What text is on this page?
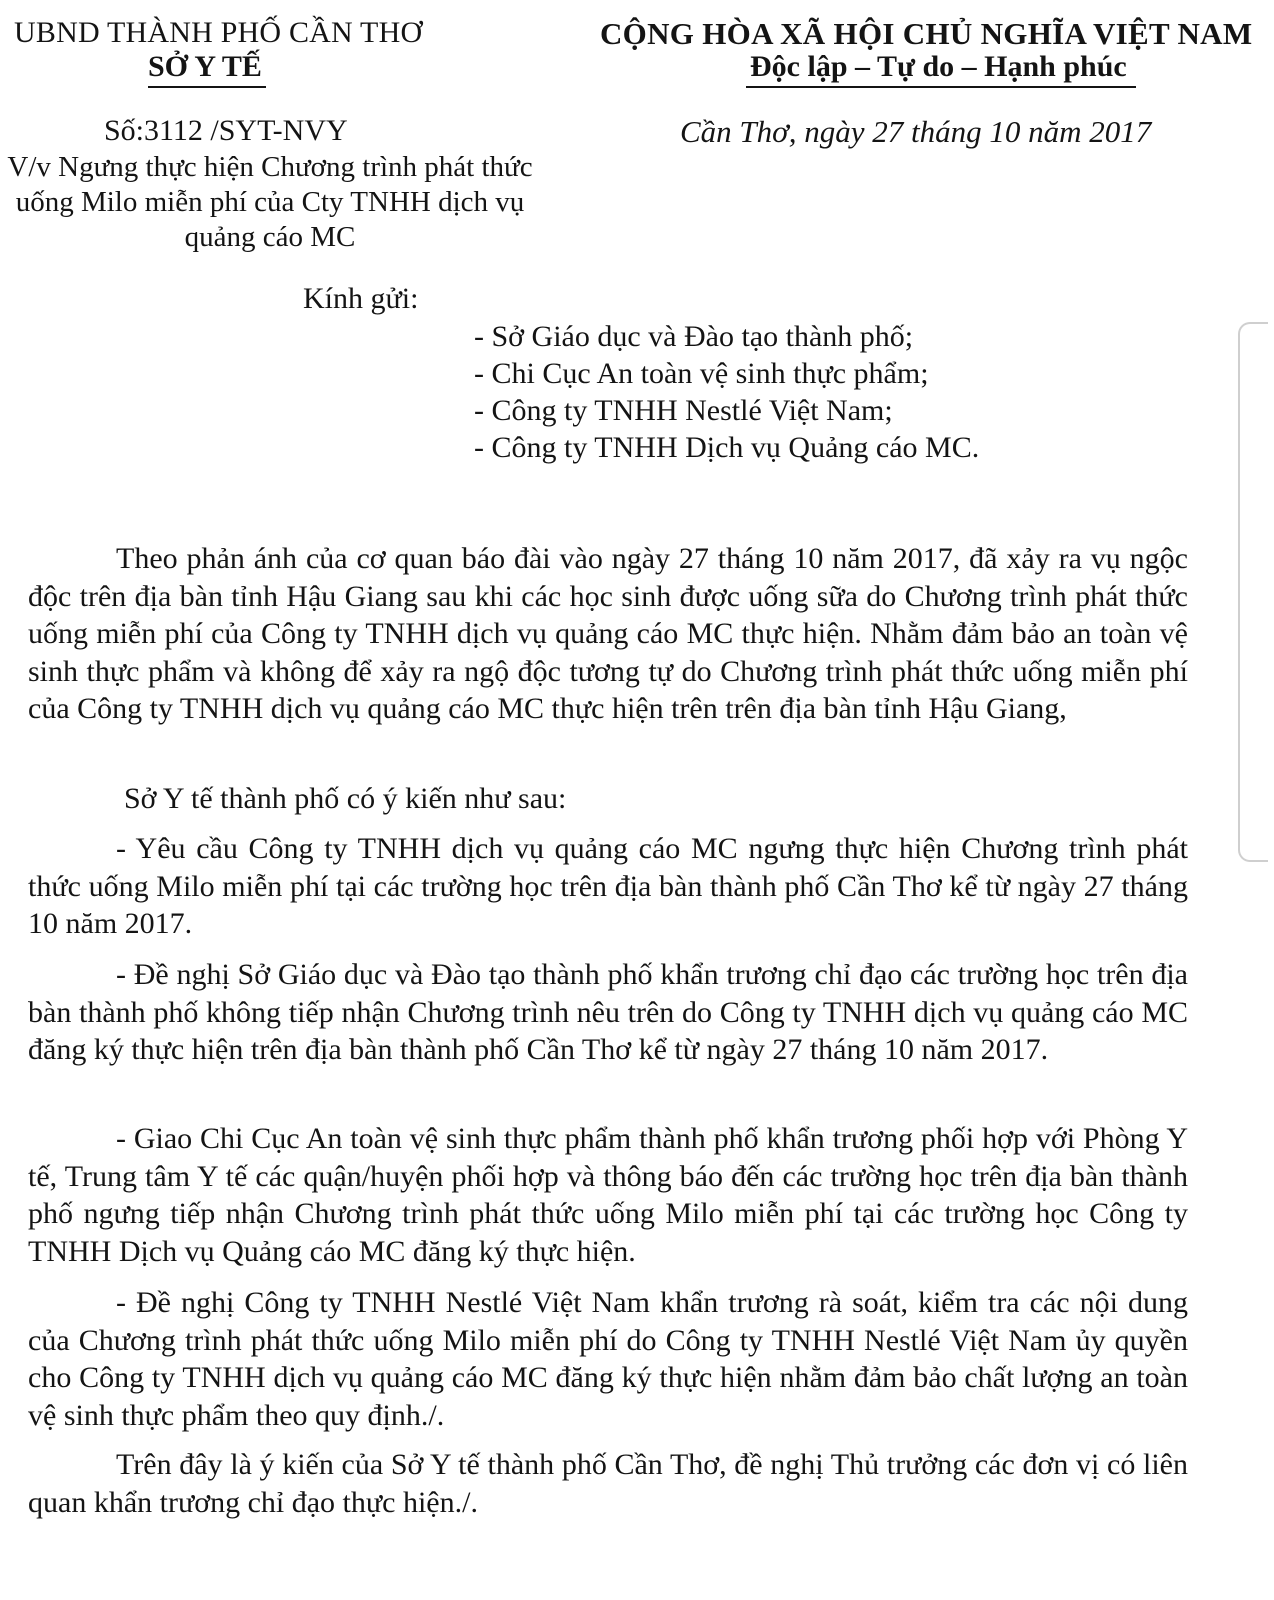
UBND THÀNH PHỐ CẦN THƠ
SỞ Y TẾ
Số:3112 /SYT-NVY
V/v Ngưng thực hiện Chương trình phát thức
uống Milo miễn phí của Cty TNHH dịch vụ
quảng cáo MC
CỘNG HÒA XÃ HỘI CHỦ NGHĨA VIỆT NAM
Độc lập – Tự do – Hạnh phúc
Cần Thơ, ngày 27 tháng 10 năm 2017
Kính gửi:
- Sở Giáo dục và Đào tạo thành phố;
- Chi Cục An toàn vệ sinh thực phẩm;
- Công ty TNHH Nestlé Việt Nam;
- Công ty TNHH Dịch vụ Quảng cáo MC.

Theo phản ánh của cơ quan báo đài vào ngày 27 tháng 10 năm 2017, đã xảy ra vụ ngộc độc trên địa bàn tỉnh Hậu Giang sau khi các học sinh được uống sữa do Chương trình phát thức uống miễn phí của Công ty TNHH dịch vụ quảng cáo MC thực hiện. Nhằm đảm bảo an toàn vệ sinh thực phẩm và không để xảy ra ngộ độc tương tự do Chương trình phát thức uống miễn phí của Công ty TNHH dịch vụ quảng cáo MC thực hiện trên trên địa bàn tỉnh Hậu Giang,

Sở Y tế thành phố có ý kiến như sau:

- Yêu cầu Công ty TNHH dịch vụ quảng cáo MC ngưng thực hiện Chương trình phát thức uống Milo miễn phí tại các trường học trên địa bàn thành phố Cần Thơ kể từ ngày 27 tháng 10 năm 2017.

- Đề nghị Sở Giáo dục và Đào tạo thành phố khẩn trương chỉ đạo các trường học trên địa bàn thành phố không tiếp nhận Chương trình nêu trên do Công ty TNHH dịch vụ quảng cáo MC đăng ký thực hiện trên địa bàn thành phố Cần Thơ kể từ ngày 27 tháng 10 năm 2017.

- Giao Chi Cục An toàn vệ sinh thực phẩm thành phố khẩn trương phối hợp với Phòng Y tế, Trung tâm Y tế các quận/huyện phối hợp và thông báo đến các trường học trên địa bàn thành phố ngưng tiếp nhận Chương trình phát thức uống Milo miễn phí tại các trường học Công ty TNHH Dịch vụ Quảng cáo MC đăng ký thực hiện.

- Đề nghị Công ty TNHH Nestlé Việt Nam khẩn trương rà soát, kiểm tra các nội dung của Chương trình phát thức uống Milo miễn phí do Công ty TNHH Nestlé Việt Nam ủy quyền cho Công ty TNHH dịch vụ quảng cáo MC đăng ký thực hiện nhằm đảm bảo chất lượng an toàn vệ sinh thực phẩm theo quy định./.

Trên đây là ý kiến của Sở Y tế thành phố Cần Thơ, đề nghị Thủ trưởng các đơn vị có liên quan khẩn trương chỉ đạo thực hiện./.
